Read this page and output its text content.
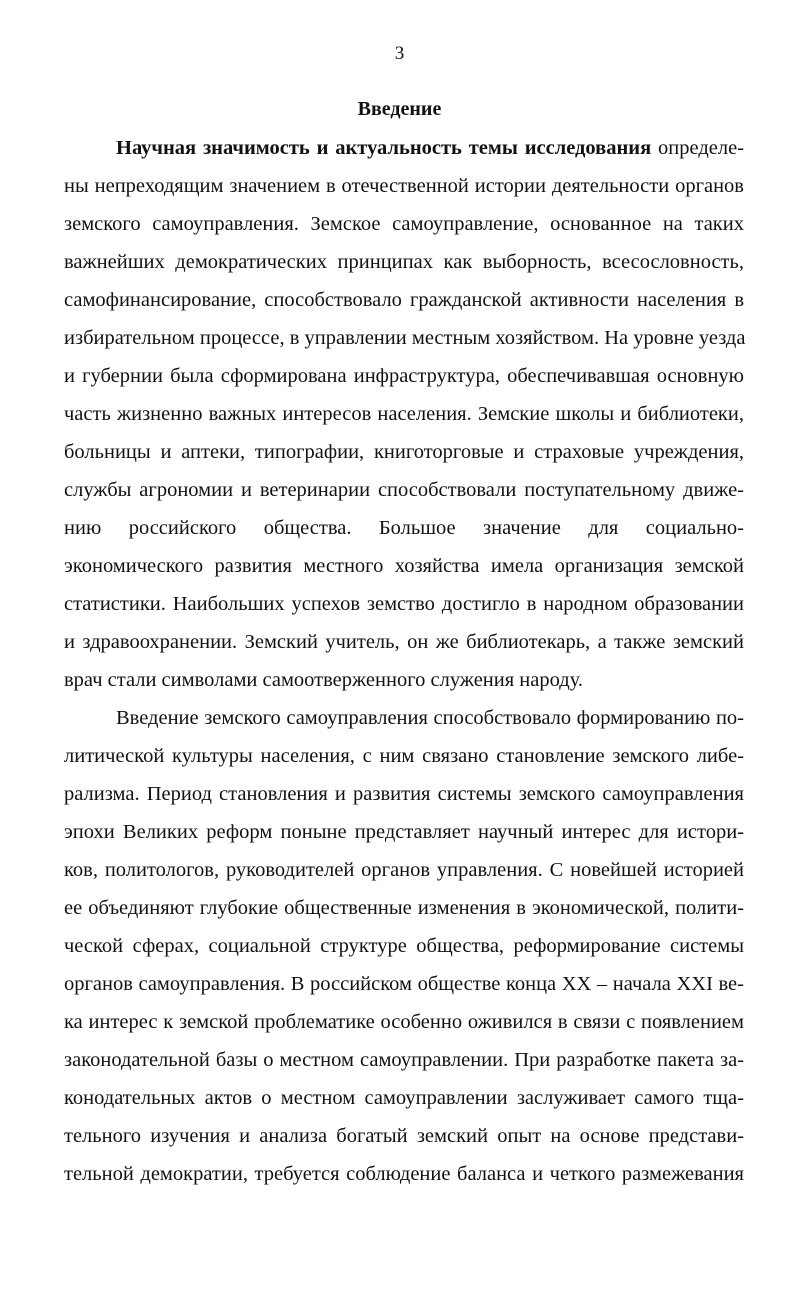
3
Введение
Научная значимость и актуальность темы исследования определе-
ны непреходящим значением в отечественной истории деятельности органов
земского самоуправления. Земское самоуправление, основанное на таких
важнейших демократических принципах как выборность, всесословность,
самофинансирование, способствовало гражданской активности населения в
избирательном процессе, в управлении местным хозяйством. На уровне уезда
и губернии была сформирована инфраструктура, обеспечивавшая основную
часть жизненно важных интересов населения. Земские школы и библиотеки,
больницы и аптеки, типографии, книготорговые и страховые учреждения,
службы агрономии и ветеринарии способствовали поступательному движе-
нию российского общества. Большое значение для социально-
экономического развития местного хозяйства имела организация земской
статистики. Наибольших успехов земство достигло в народном образовании
и здравоохранении. Земский учитель, он же библиотекарь, а также земский
врач стали символами самоотверженного служения народу.
Введение земского самоуправления способствовало формированию по-
литической культуры населения, с ним связано становление земского либе-
рализма. Период становления и развития системы земского самоуправления
эпохи Великих реформ поныне представляет научный интерес для истори-
ков, политологов, руководителей органов управления. С новейшей историей
ее объединяют глубокие общественные изменения в экономической, полити-
ческой сферах, социальной структуре общества, реформирование системы
органов самоуправления. В российском обществе конца XX – начала XXI ве-
ка интерес к земской проблематике особенно оживился в связи с появлением
законодательной базы о местном самоуправлении. При разработке пакета за-
конодательных актов о местном самоуправлении заслуживает самого тща-
тельного изучения и анализа богатый земский опыт на основе представи-
тельной демократии, требуется соблюдение баланса и четкого размежевания
